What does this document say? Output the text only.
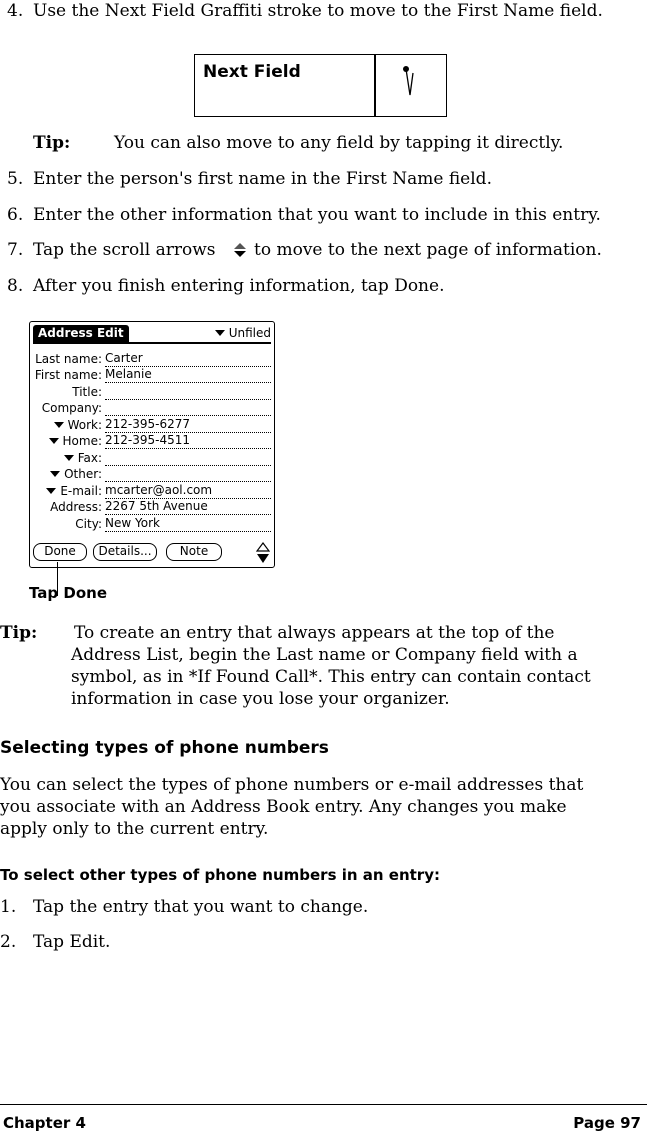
4. Use the Next Field Graffiti stroke to move to the First Name field.
Next Field
Tip:	You can also move to any field by tapping it directly.
5. Enter the person's first name in the First Name field.
6. Enter the other information that you want to include in this entry.
7. Tap the scroll arrows to move to the next page of information.
8. After you finish entering information, tap Done.
Address Edit	Unfiled
Last name: Carter
First name: Melanie
Title:
Company:
Work: 212-395-6277
Home: 212-395-4511
Fax:
Other:
E-mail: mcarter@aol.com
Address: 2267 5th Avenue
City: New York
Done	Details...	Note
Tap Done
Tip: To create an entry that always appears at the top of the
Address List, begin the Last name or Company field with a
symbol, as in *If Found Call*. This entry can contain contact
information in case you lose your organizer.
Selecting types of phone numbers
You can select the types of phone numbers or e-mail addresses that
you associate with an Address Book entry. Any changes you make
apply only to the current entry.
To select other types of phone numbers in an entry:
1. Tap the entry that you want to change.
2. Tap Edit.
Chapter 4	Page 97
